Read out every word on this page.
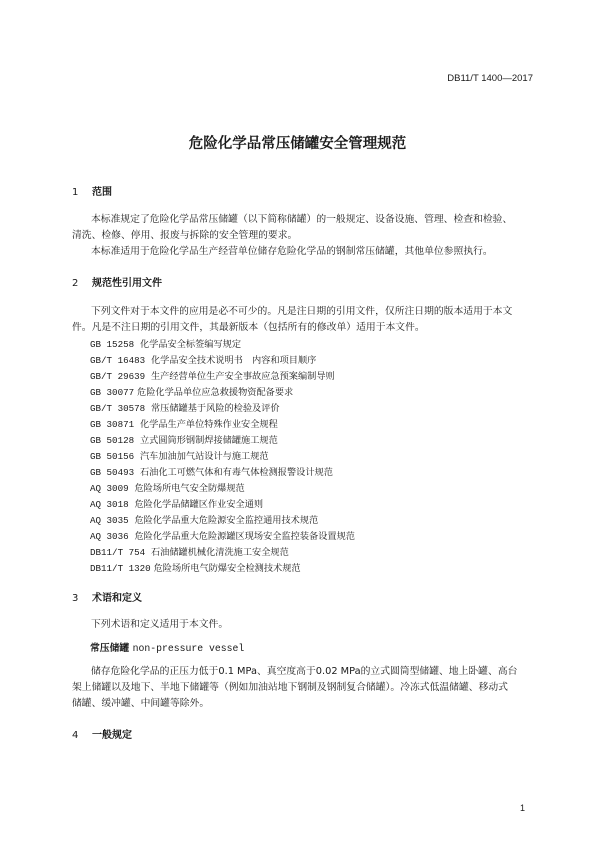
DB11/T 1400—2017
危险化学品常压储罐安全管理规范
1 范围
本标准规定了危险化学品常压储罐（以下简称储罐）的一般规定、设备设施、管理、检查和检验、
清洗、检修、停用、报废与拆除的安全管理的要求。
本标准适用于危险化学品生产经营单位储存危险化学品的钢制常压储罐，其他单位参照执行。
2 规范性引用文件
下列文件对于本文件的应用是必不可少的。凡是注日期的引用文件，仅所注日期的版本适用于本文
件。凡是不注日期的引用文件，其最新版本（包括所有的修改单）适用于本文件。
GB 15258 化学品安全标签编写规定
GB/T 16483 化学品安全技术说明书　内容和项目顺序
GB/T 29639 生产经营单位生产安全事故应急预案编制导则
GB 30077 危险化学品单位应急救援物资配备要求
GB/T 30578 常压储罐基于风险的检验及评价
GB 30871 化学品生产单位特殊作业安全规程
GB 50128 立式圆筒形钢制焊接储罐施工规范
GB 50156 汽车加油加气站设计与施工规范
GB 50493 石油化工可燃气体和有毒气体检测报警设计规范
AQ 3009 危险场所电气安全防爆规范
AQ 3018 危险化学品储罐区作业安全通则
AQ 3035 危险化学品重大危险源安全监控通用技术规范
AQ 3036 危险化学品重大危险源罐区现场安全监控装备设置规范
DB11/T 754 石油储罐机械化清洗施工安全规范
DB11/T 1320 危险场所电气防爆安全检测技术规范
3 术语和定义
下列术语和定义适用于本文件。
常压储罐 non-pressure vessel
储存危险化学品的正压力低于0.1 MPa、真空度高于0.02 MPa的立式圆筒型储罐、地上卧罐、高台
架上储罐以及地下、半地下储罐等（例如加油站地下钢制及钢制复合储罐）。冷冻式低温储罐、移动式
储罐、缓冲罐、中间罐等除外。
4 一般规定
1
